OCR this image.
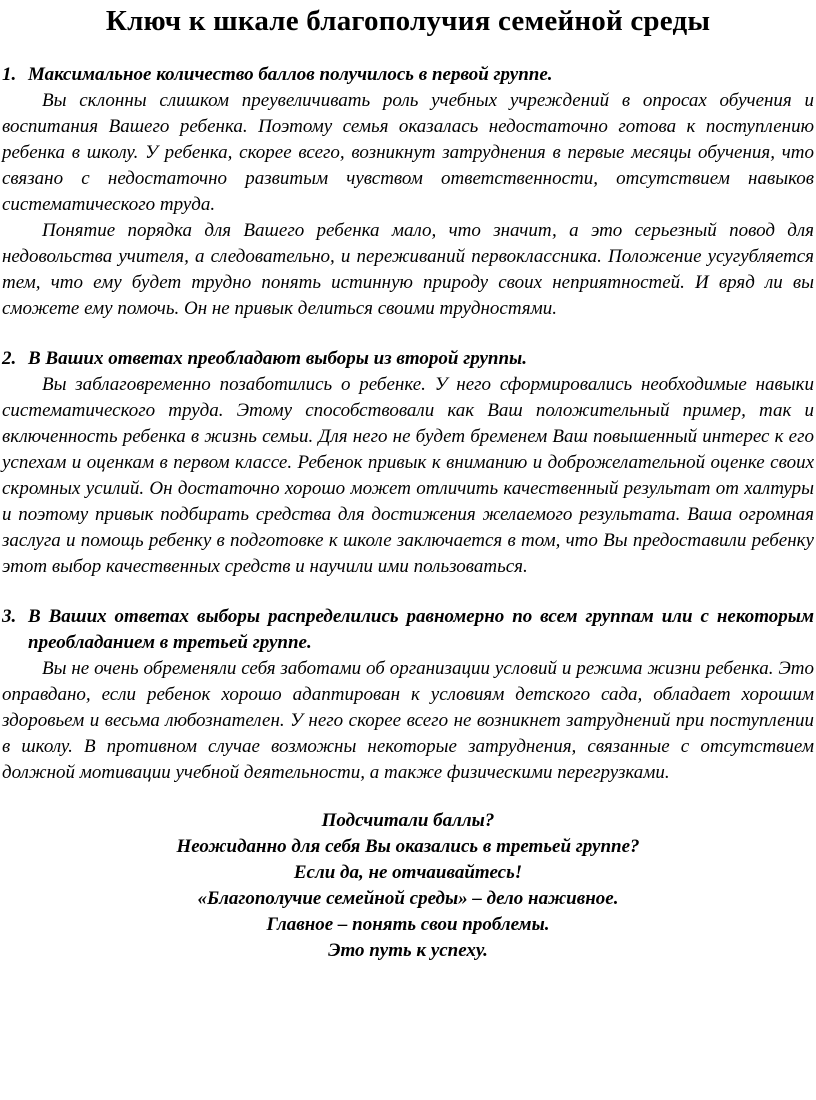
Ключ к шкале благополучия семейной среды
1. Максимальное количество баллов получилось в первой группе.

Вы склонны слишком преувеличивать роль учебных учреждений в опросах обучения и воспитания Вашего ребенка. Поэтому семья оказалась недостаточно готова к поступлению ребенка в школу. У ребенка, скорее всего, возникнут затруднения в первые месяцы обучения, что связано с недостаточно развитым чувством ответственности, отсутствием навыков систематического труда.

Понятие порядка для Вашего ребенка мало, что значит, а это серьезный повод для недовольства учителя, а следовательно, и переживаний первоклассника. Положение усугубляется тем, что ему будет трудно понять истинную природу своих неприятностей. И вряд ли вы сможете ему помочь. Он не привык делиться своими трудностями.

2. В Ваших ответах преобладают выборы из второй группы.

Вы заблаговременно позаботились о ребенке. У него сформировались необходимые навыки систематического труда. Этому способствовали как Ваш положительный пример, так и включенность ребенка в жизнь семьи. Для него не будет бременем Ваш повышенный интерес к его успехам и оценкам в первом классе. Ребенок привык к вниманию и доброжелательной оценке своих скромных усилий. Он достаточно хорошо может отличить качественный результат от халтуры и поэтому привык подбирать средства для достижения желаемого результата. Ваша огромная заслуга и помощь ребенку в подготовке к школе заключается в том, что Вы предоставили ребенку этот выбор качественных средств и научили ими пользоваться.

3. В Ваших ответах выборы распределились равномерно по всем группам или с некоторым преобладанием в третьей группе.

Вы не очень обременяли себя заботами об организации условий и режима жизни ребенка. Это оправдано, если ребенок хорошо адаптирован к условиям детского сада, обладает хорошим здоровьем и весьма любознателен. У него скорее всего не возникнет затруднений при поступлении в школу. В противном случае возможны некоторые затруднения, связанные с отсутствием должной мотивации учебной деятельности, а также физическими перегрузками.

Подсчитали баллы?
Неожиданно для себя Вы оказались в третьей группе?
Если да, не отчаивайтесь!
«Благополучие семейной среды» – дело наживное.
Главное – понять свои проблемы.
Это путь к успеху.
